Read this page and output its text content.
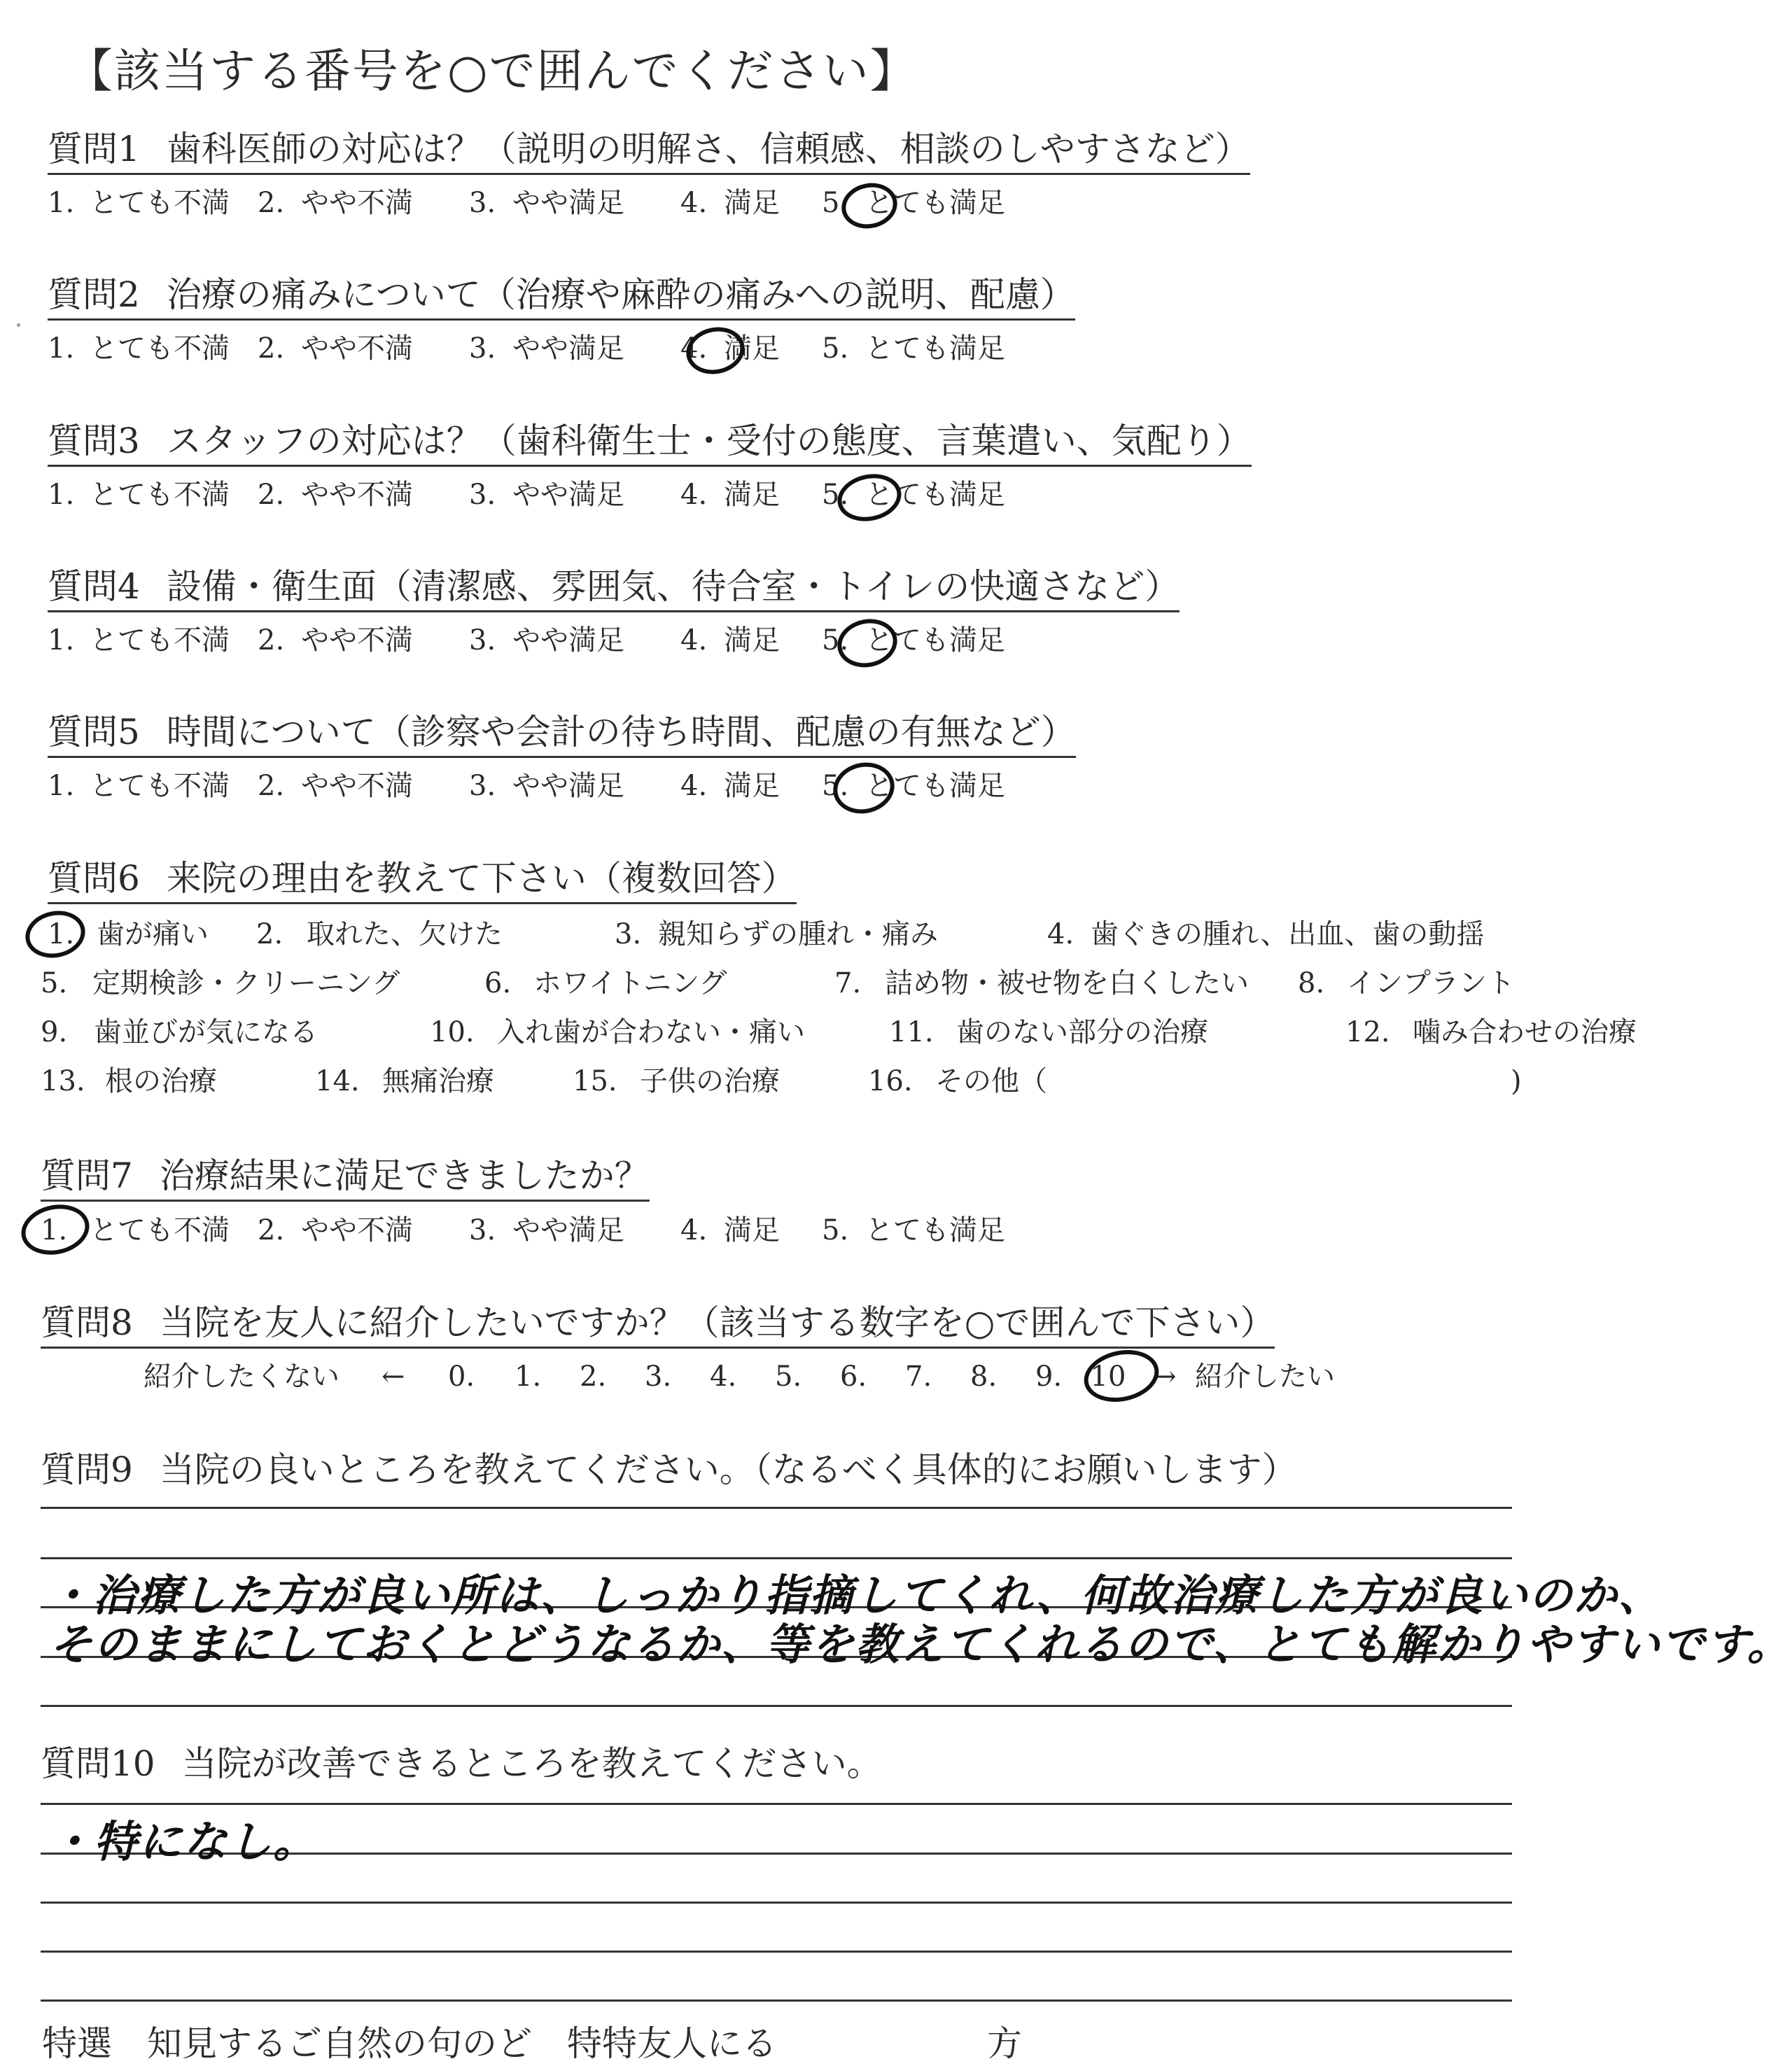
【該当する番号を○で囲んでください】
質問1 歯科医師の対応は？（説明の明解さ、信頼感、相談のしやすさなど）
1. とても不満 2. やや不満 3. やや満足 4. 満足 5. とても満足
質問2 治療の痛みについて（治療や麻酔の痛みへの説明、配慮）
1. とても不満 2. やや不満 3. やや満足 4. 満足 5. とても満足
質問3 スタッフの対応は？（歯科衛生士・受付の態度、言葉遣い、気配り）
1. とても不満 2. やや不満 3. やや満足 4. 満足 5. とても満足
質問4 設備・衛生面（清潔感、雰囲気、待合室・トイレの快適さなど）
1. とても不満 2. やや不満 3. やや満足 4. 満足 5. とても満足
質問5 時間について（診察や会計の待ち時間、配慮の有無など）
1. とても不満 2. やや不満 3. やや満足 4. 満足 5. とても満足
質問6 来院の理由を教えて下さい（複数回答）
1. 歯が痛い 2. 取れた、欠けた	3. 親知らずの腫れ・痛み	4. 歯ぐきの腫れ、出血、歯の動揺
5. 定期検診・クリーニング	6. ホワイトニング	7. 詰め物・被せ物を白くしたい 8. インプラント
9. 歯並びが気になる	10. 入れ歯が合わない・痛い	11. 歯のない部分の治療	12. 噛み合わせの治療
13. 根の治療	14. 無痛治療	15. 子供の治療	16. その他（	)
質問7 治療結果に満足できましたか？
1. とても不満 2. やや不満 3. やや満足 4. 満足 5. とても満足
質問8 当院を友人に紹介したいですか？（該当する数字を○で囲んで下さい）
紹介したくない ← 0. 1. 2. 3. 4. 5. 6. 7. 8. 9. 10 → 紹介したい
質問9 当院の良いところを教えてください。（なるべく具体的にお願いします）
・治療した方が良い所は、しっかり指摘してくれ、何故治療した方が良いのか、
そのままにしておくとどうなるか、等を教えてくれるので、とても解かりやすいです。
質問10 当院が改善できるところを教えてください。
・特になし。
特選　知見するご自然の句のど　特特友人にる　　　　　　方
